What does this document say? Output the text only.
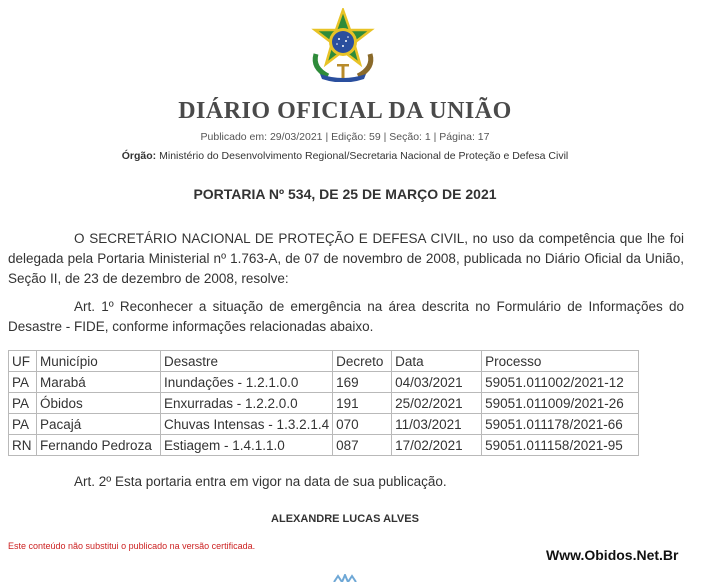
DIÁRIO OFICIAL DA UNIÃO
Publicado em: 29/03/2021 | Edição: 59 | Seção: 1 | Página: 17
Órgão: Ministério do Desenvolvimento Regional/Secretaria Nacional de Proteção e Defesa Civil
PORTARIA Nº 534, DE 25 DE MARÇO DE 2021
O SECRETÁRIO NACIONAL DE PROTEÇÃO E DEFESA CIVIL, no uso da competência que lhe foi delegada pela Portaria Ministerial nº 1.763-A, de 07 de novembro de 2008, publicada no Diário Oficial da União, Seção II, de 23 de dezembro de 2008, resolve:
Art. 1º Reconhecer a situação de emergência na área descrita no Formulário de Informações do Desastre - FIDE, conforme informações relacionadas abaixo.
UF	Município	Desastre	Decreto	Data	Processo
PA	Marabá	Inundações - 1.2.1.0.0	169	04/03/2021	59051.011002/2021-12
PA	Óbidos	Enxurradas - 1.2.2.0.0	191	25/02/2021	59051.011009/2021-26
PA	Pacajá	Chuvas Intensas - 1.3.2.1.4	070	11/03/2021	59051.011178/2021-66
RN	Fernando Pedroza	Estiagem - 1.4.1.1.0	087	17/02/2021	59051.011158/2021-95
Art. 2º Esta portaria entra em vigor na data de sua publicação.
ALEXANDRE LUCAS ALVES
Este conteúdo não substitui o publicado na versão certificada.
Www.Obidos.Net.Br
